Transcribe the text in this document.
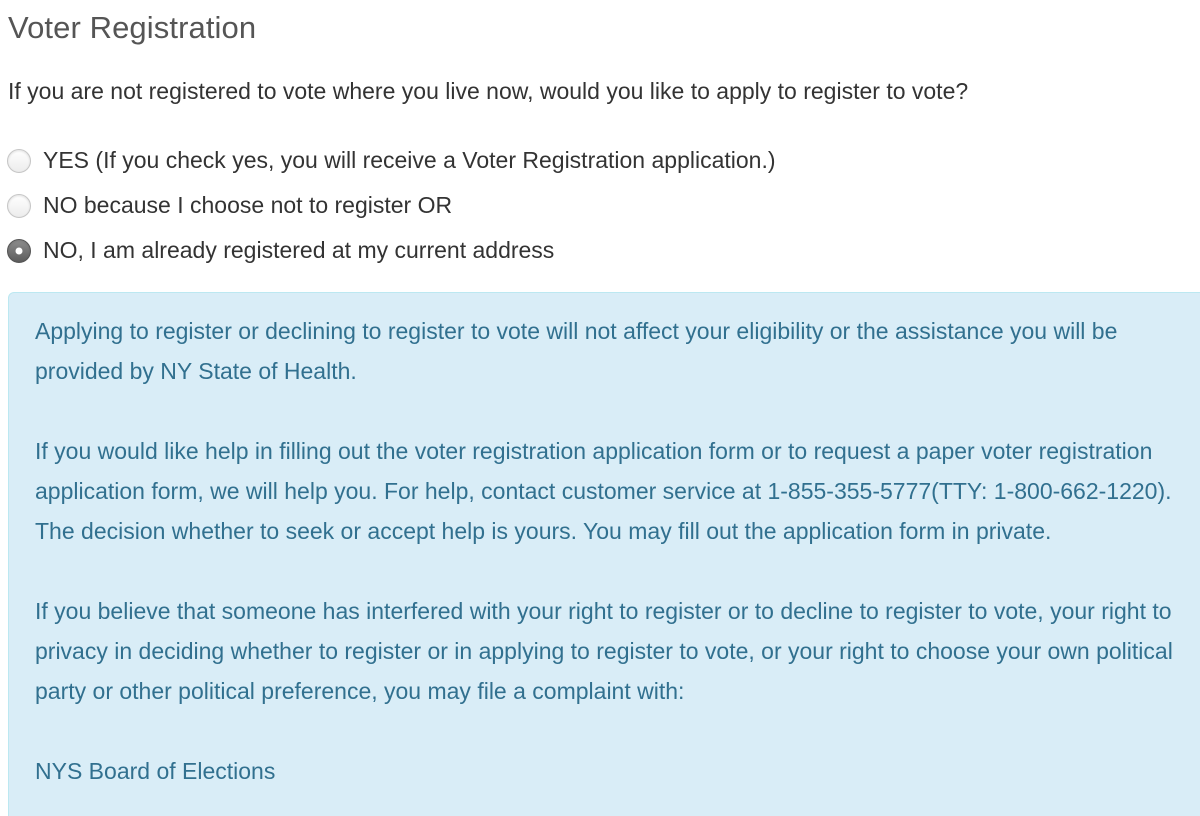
Voter Registration

If you are not registered to vote where you live now, would you like to apply to register to vote?

YES (If you check yes, you will receive a Voter Registration application.)
NO because I choose not to register OR
NO, I am already registered at my current address

Applying to register or declining to register to vote will not affect your eligibility or the assistance you will be provided by NY State of Health.

If you would like help in filling out the voter registration application form or to request a paper voter registration application form, we will help you. For help, contact customer service at 1-855-355-5777(TTY: 1-800-662-1220). The decision whether to seek or accept help is yours. You may fill out the application form in private.

If you believe that someone has interfered with your right to register or to decline to register to vote, your right to privacy in deciding whether to register or in applying to register to vote, or your right to choose your own political party or other political preference, you may file a complaint with:

NYS Board of Elections
